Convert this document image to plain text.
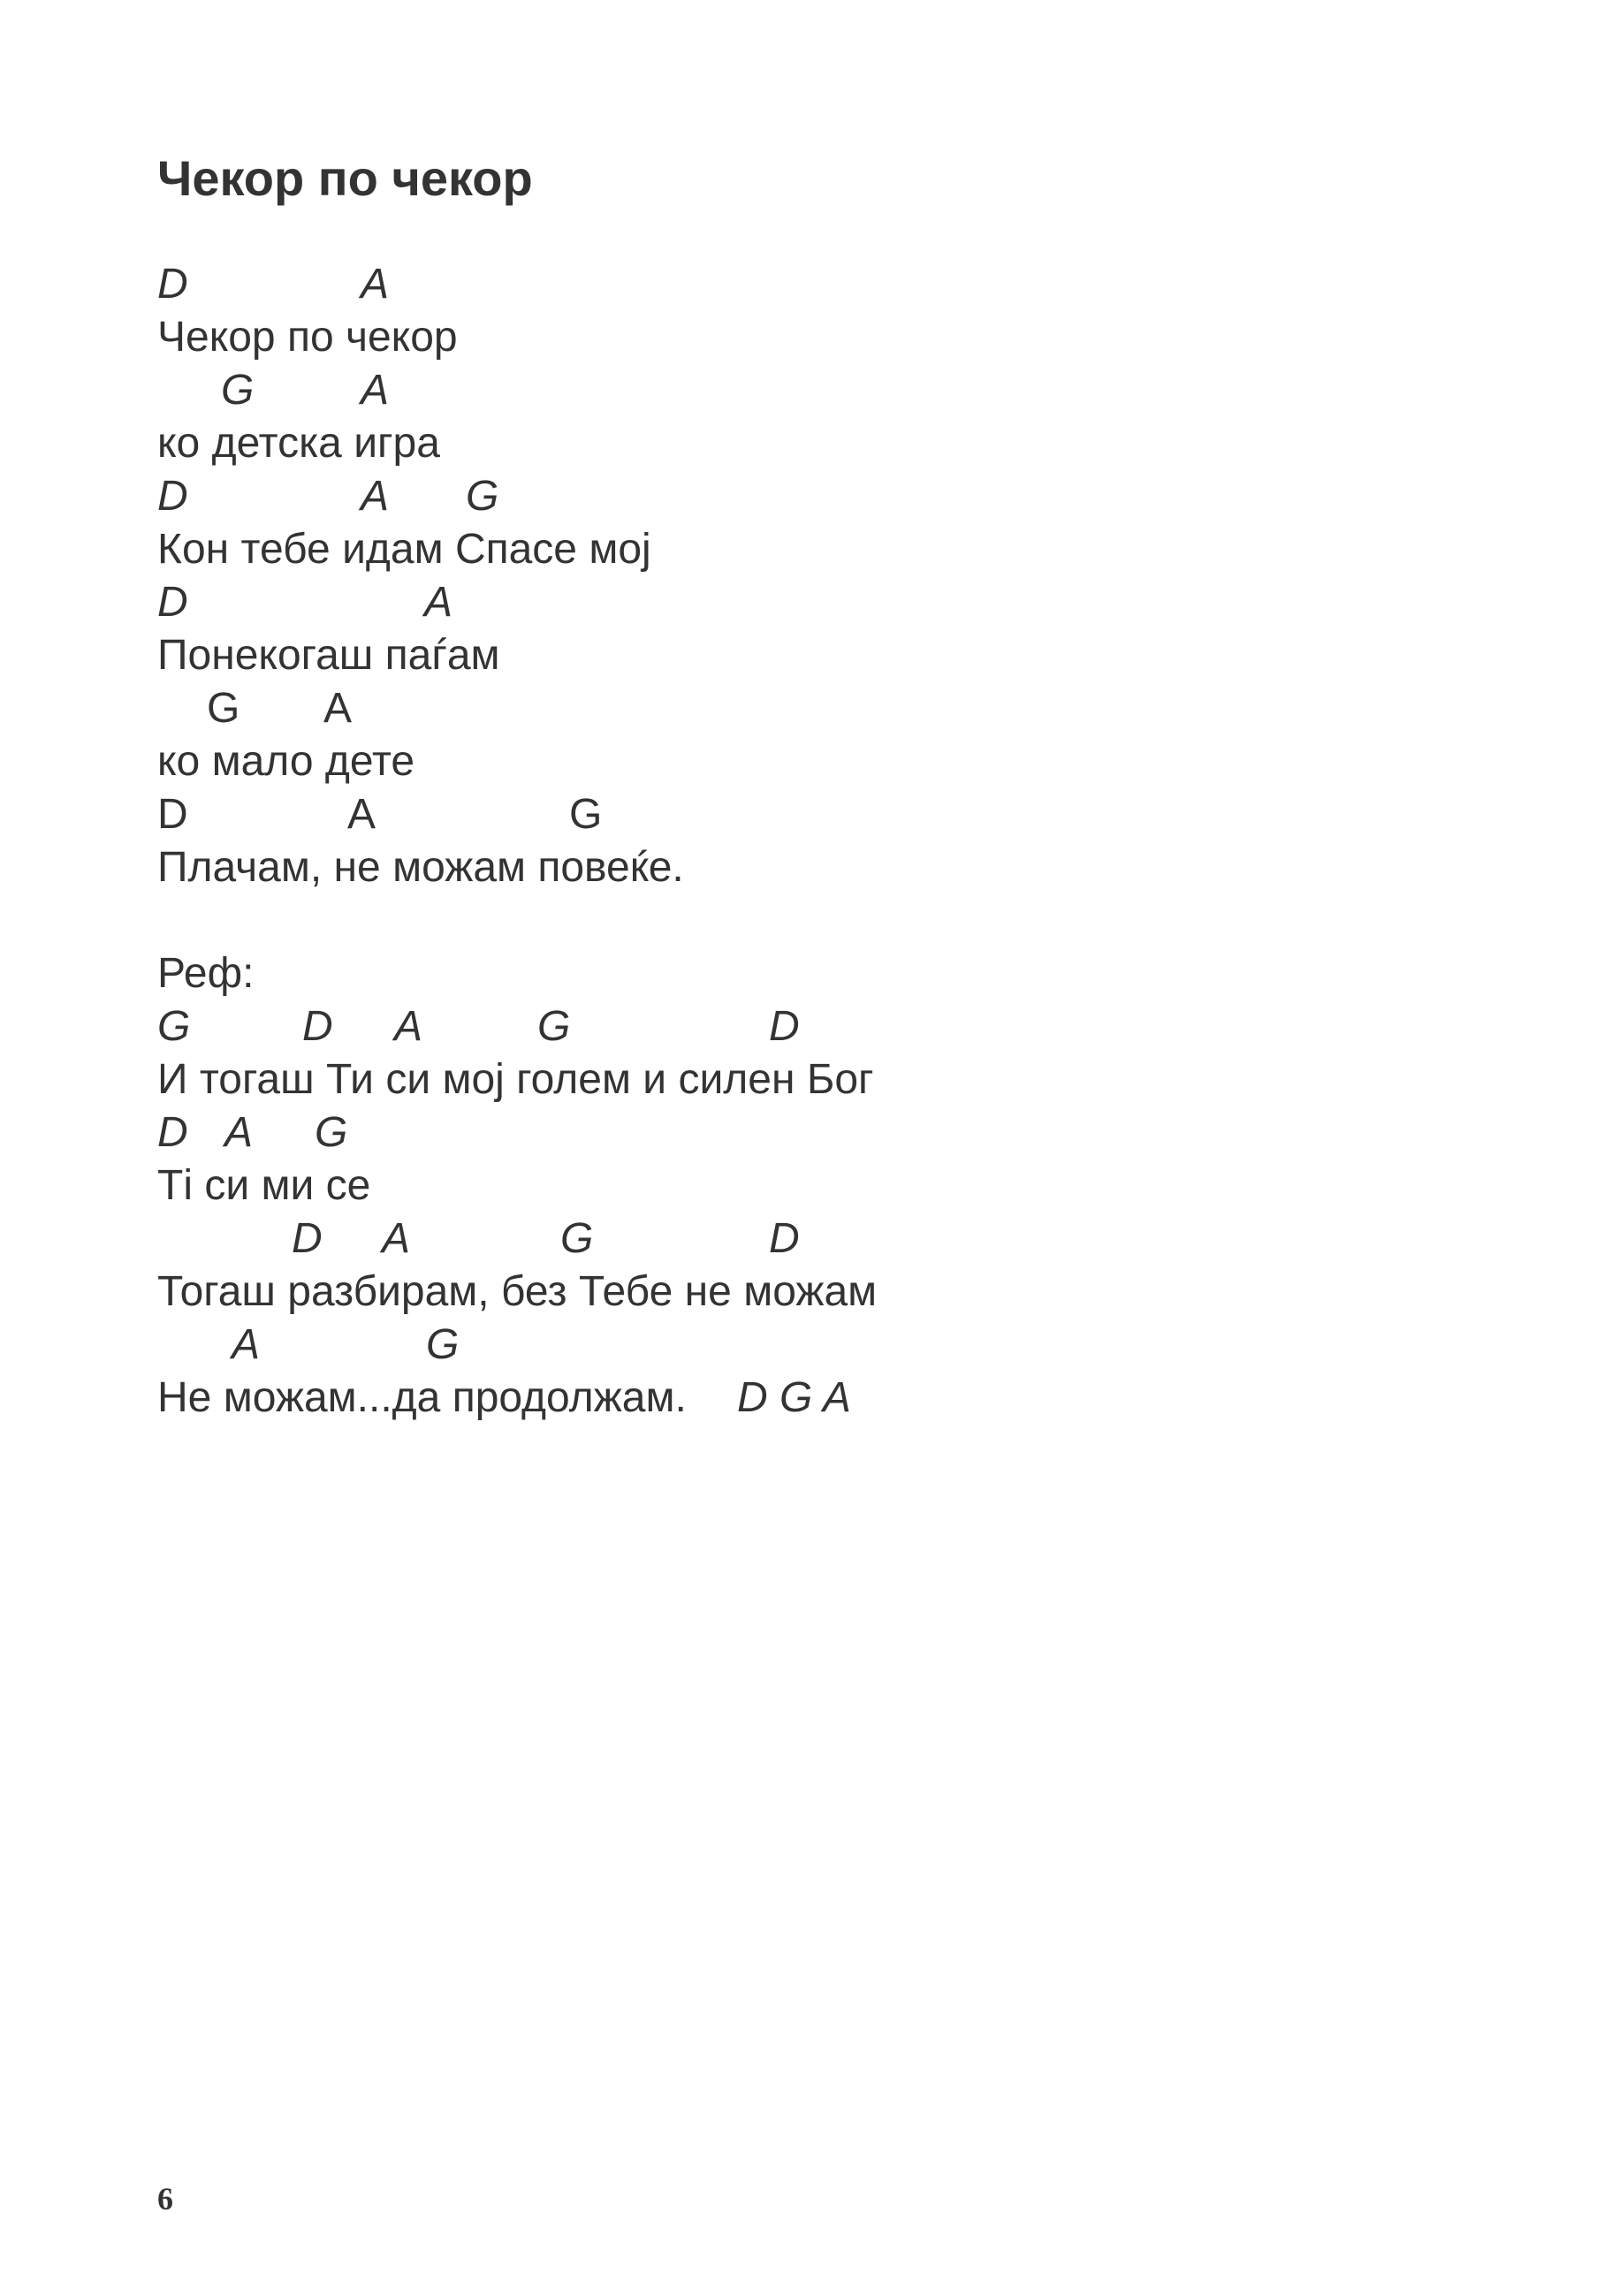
Чекор по чекор
D	A
Чекор по чекор
G	A
ко детска игра
D	A G
Кон тебе идам Спасе мој
D	A
Понекогаш паѓам
G A
ко мало дете
D	A	G
Плачам, не можам повеќе.
Реф:
G	D A	G	D
И тогаш Ти си мој голем и силен Бог
D A G
Ті си ми се
D A	G	D
Тогаш разбирам, без Тебе не можам
A	G
Не можам...да продолжам. D G A
6
